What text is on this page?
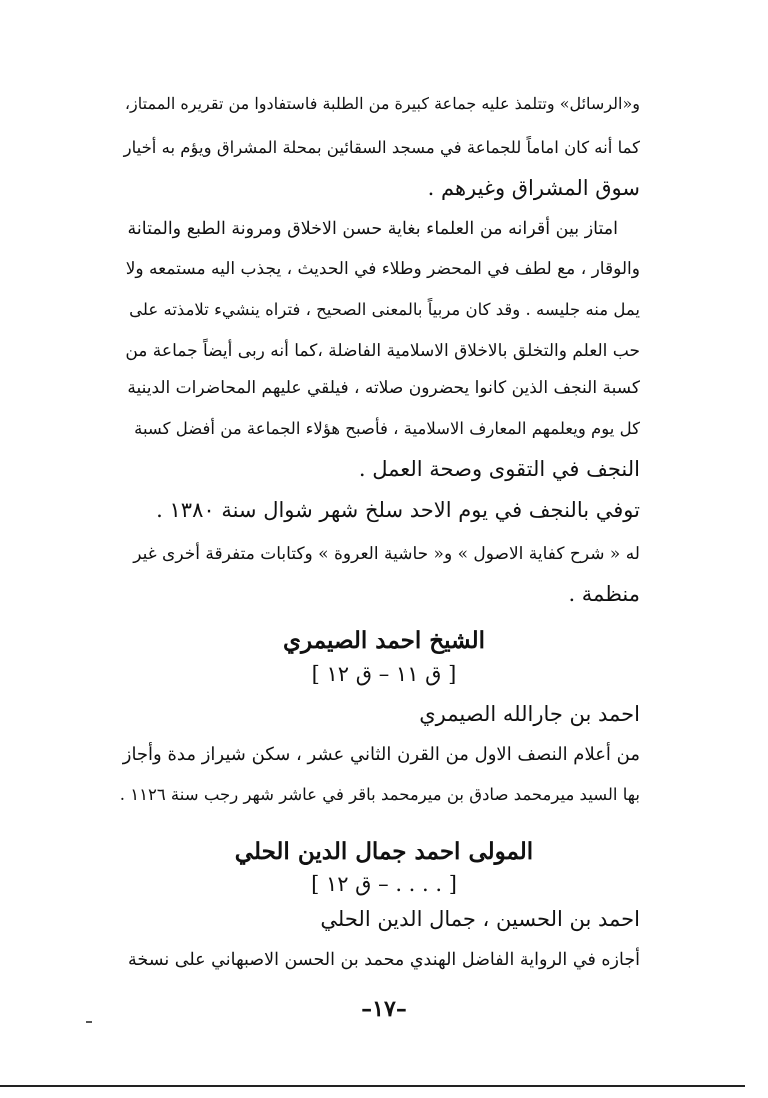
و«الرسائل» وتتلمذ عليه جماعة كبيرة من الطلبة فاستفادوا من تقريره الممتاز،
كما أنه كان اماماً للجماعة في مسجد السقائين بمحلة المشراق ويؤم به أخيار
سوق المشراق وغيرهم .
امتاز بين أقرانه من العلماء بغاية حسن الاخلاق ومرونة الطبع والمتانة
والوقار ، مع لطف في المحضر وطلاء في الحديث ، يجذب اليه مستمعه ولا
يمل منه جليسه . وقد كان مربياً بالمعنى الصحيح ، فتراه ينشيء تلامذته على
حب العلم والتخلق بالاخلاق الاسلامية الفاضلة ،كما أنه ربى أيضاً جماعة من
كسبة النجف الذين كانوا يحضرون صلاته ، فيلقي عليهم المحاضرات الدينية
كل يوم ويعلمهم المعارف الاسلامية ، فأصبح هؤلاء الجماعة من أفضل كسبة
النجف في التقوى وصحة العمل .
توفي بالنجف في يوم الاحد سلخ شهر شوال سنة ١٣٨٠ .
له « شرح كفاية الاصول » و« حاشية العروة » وكتابات متفرقة أخرى غير
منظمة .
الشيخ احمد الصيمري
[ ق ١١ – ق ١٢ ]
احمد بن جارالله الصيمري
من أعلام النصف الاول من القرن الثاني عشر ، سكن شيراز مدة وأجاز
بها السيد ميرمحمد صادق بن ميرمحمد باقر في عاشر شهر رجب سنة ١١٢٦ .
المولى احمد جمال الدين الحلي
[ . . . . – ق ١٢ ]
احمد بن الحسين ، جمال الدين الحلي
أجازه في الرواية الفاضل الهندي محمد بن الحسن الاصبهاني على نسخة
–١٧–
